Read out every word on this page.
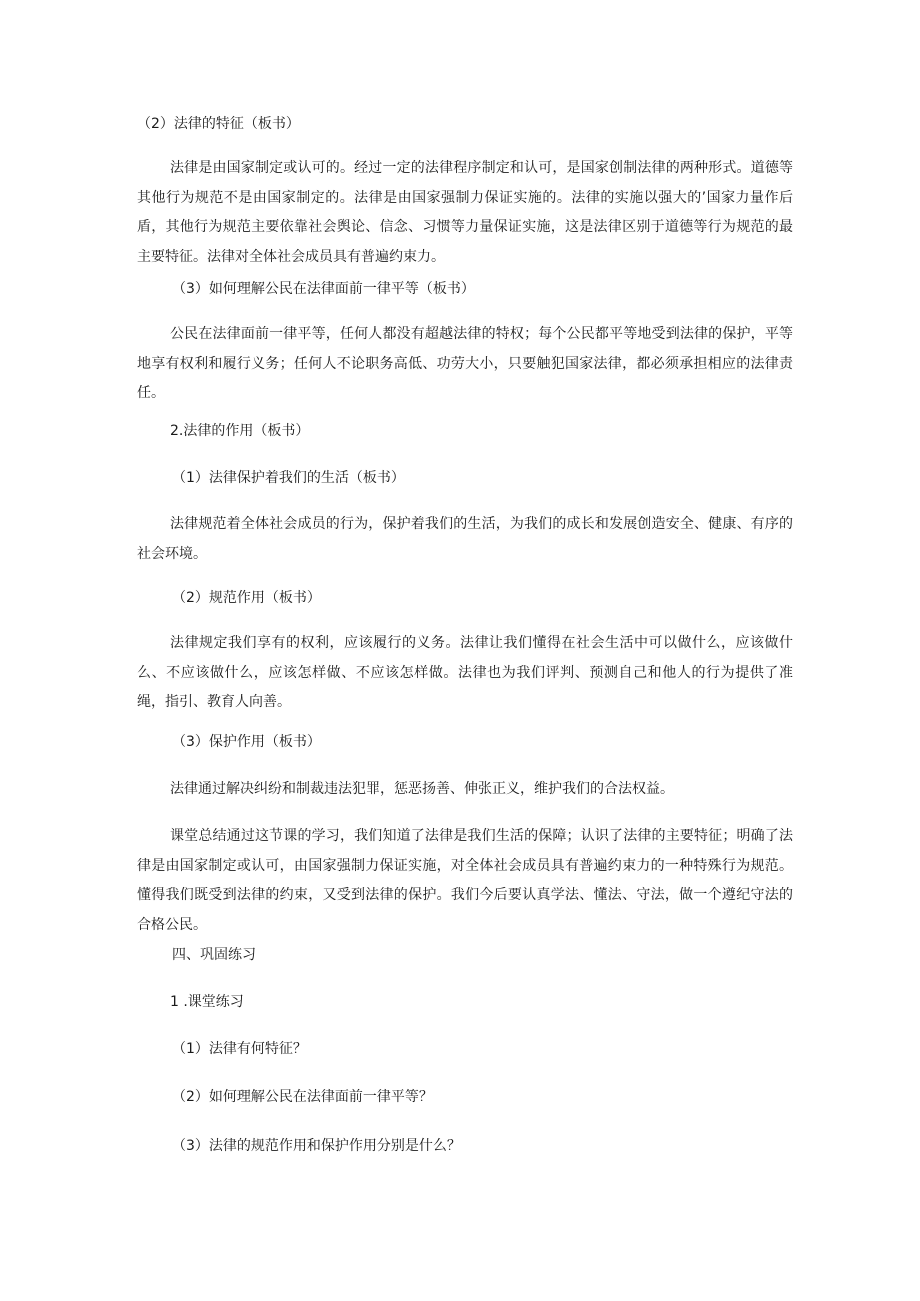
（2）法律的特征（板书）
法律是由国家制定或认可的。经过一定的法律程序制定和认可，是国家创制法律的两种形式。道德等其他行为规范不是由国家制定的。法律是由国家强制力保证实施的。法律的实施以强大的’国家力量作后盾，其他行为规范主要依靠社会舆论、信念、习惯等力量保证实施，这是法律区别于道德等行为规范的最主要特征。法律对全体社会成员具有普遍约束力。
（3）如何理解公民在法律面前一律平等（板书）
公民在法律面前一律平等，任何人都没有超越法律的特权；每个公民都平等地受到法律的保护，平等地享有权利和履行义务；任何人不论职务高低、功劳大小，只要触犯国家法律，都必须承担相应的法律责任。
2.法律的作用（板书）
（1）法律保护着我们的生活（板书）
法律规范着全体社会成员的行为，保护着我们的生活，为我们的成长和发展创造安全、健康、有序的社会环境。
（2）规范作用（板书）
法律规定我们享有的权利，应该履行的义务。法律让我们懂得在社会生活中可以做什么，应该做什么、不应该做什么，应该怎样做、不应该怎样做。法律也为我们评判、预测自己和他人的行为提供了准绳，指引、教育人向善。
（3）保护作用（板书）
法律通过解决纠纷和制裁违法犯罪，惩恶扬善、伸张正义，维护我们的合法权益。
课堂总结通过这节课的学习，我们知道了法律是我们生活的保障；认识了法律的主要特征；明确了法律是由国家制定或认可，由国家强制力保证实施，对全体社会成员具有普遍约束力的一种特殊行为规范。懂得我们既受到法律的约束，又受到法律的保护。我们今后要认真学法、懂法、守法，做一个遵纪守法的合格公民。
四、巩固练习
1 .课堂练习
（1）法律有何特征？
（2）如何理解公民在法律面前一律平等？
（3）法律的规范作用和保护作用分别是什么？
